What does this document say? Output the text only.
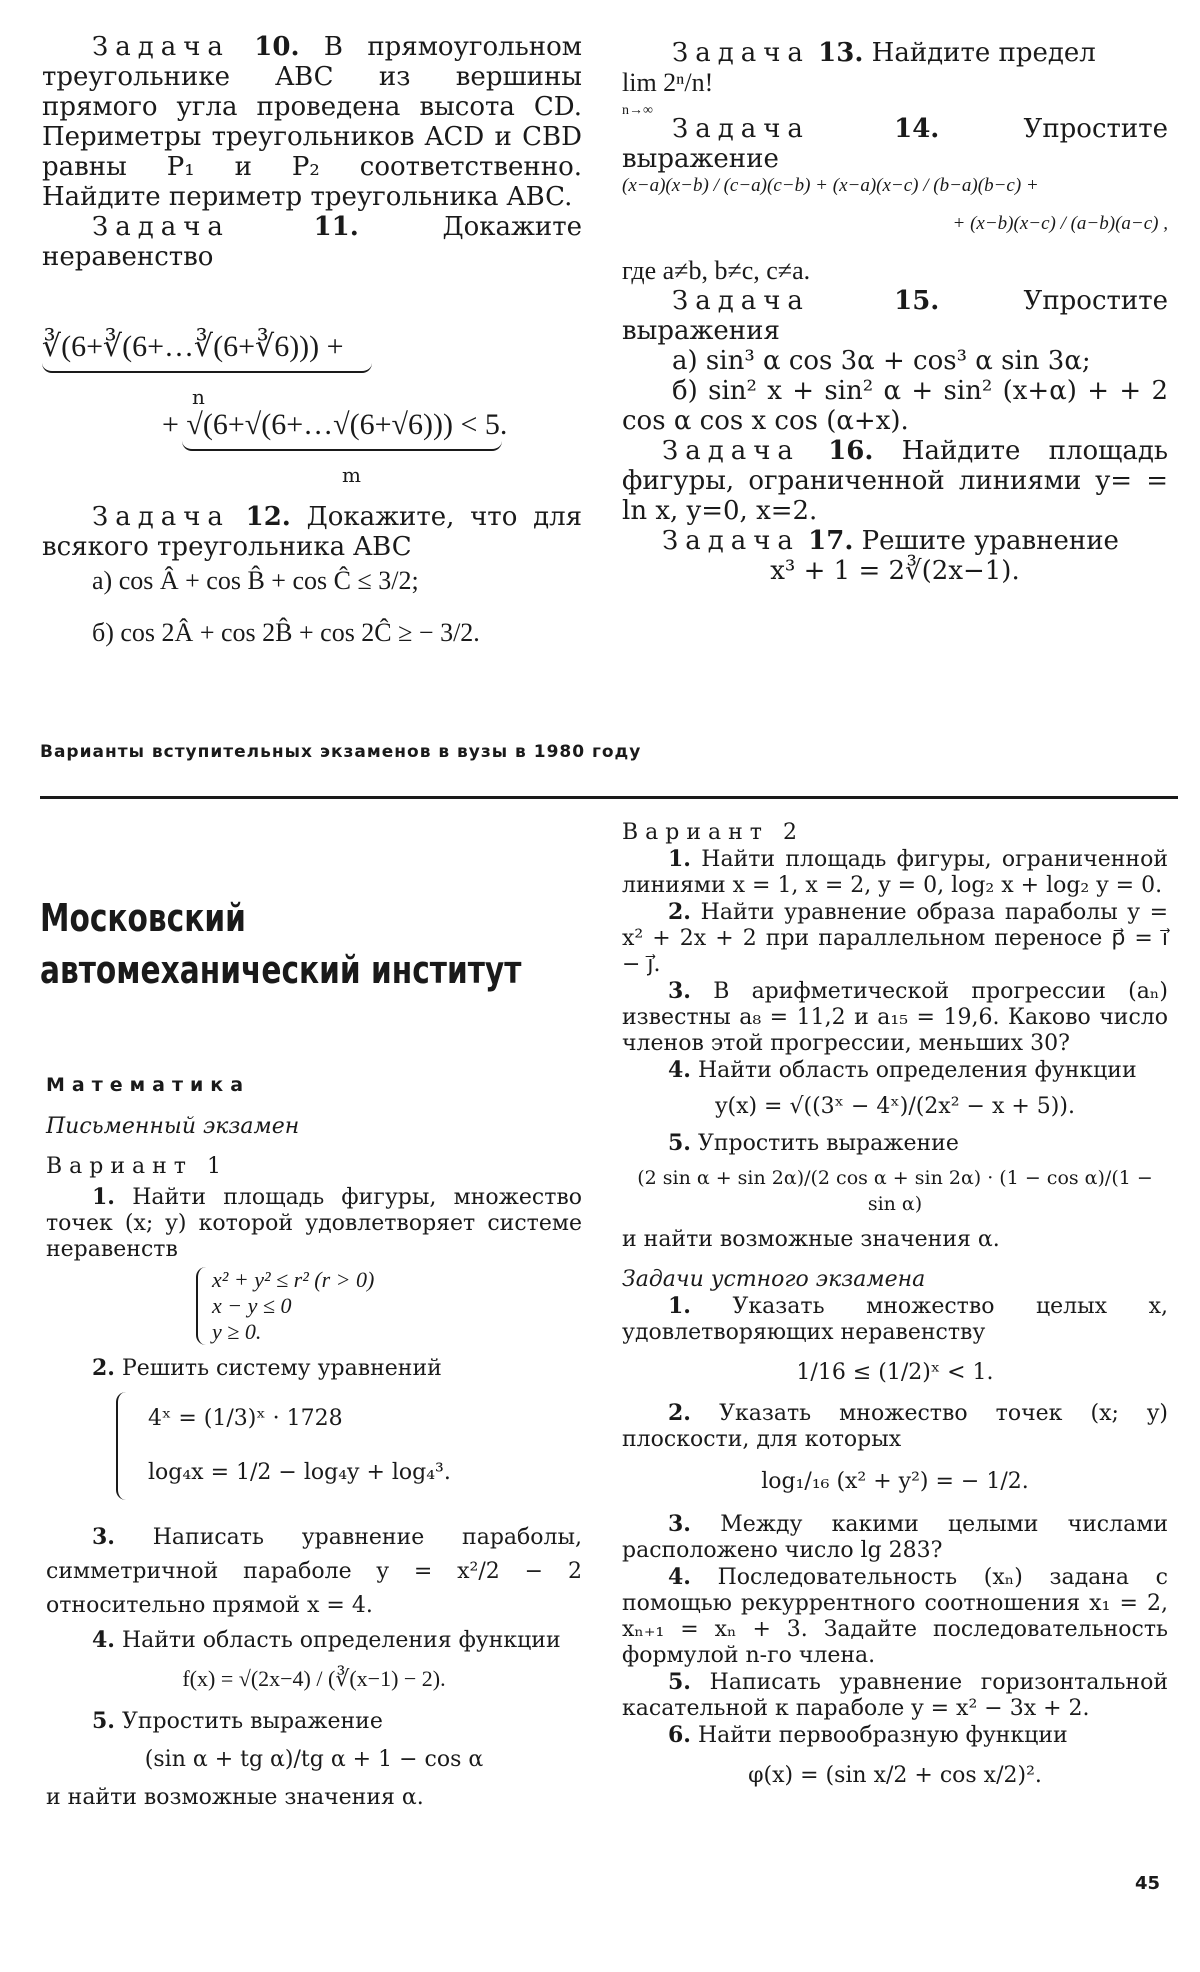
Задача 10. В прямоугольном треугольнике ABC из вершины прямого угла проведена высота CD. Периметры треугольников ACD и CBD равны P₁ и P₂ соответственно. Найдите периметр треугольника ABC.

Задача	11.	Докажите неравенство

∛(6+∛(6+…∛(6+∛6))) +
n
+ √(6+√(6+…√(6+√6))) < 5.
m

Задача 12. Докажите, что для всякого треугольника ABC

а) cos Â + cos B̂ + cos Ĉ ≤ 3/2;

б) cos 2Â + cos 2B̂ + cos 2Ĉ ≥ − 3/2.

Задача 13. Найдите предел

lim 2ⁿ/n!
n→∞

Задача	14.	Упростите выражение

(x−a)(x−b) / (c−a)(c−b) + (x−a)(x−c) / (b−a)(b−c) +
+ (x−b)(x−c) / (a−b)(a−c) ,

где a≠b, b≠c, c≠a.

Задача	15.	Упростите выражения

а) sin³ α cos 3α + cos³ α sin 3α;

б) sin² x + sin² α + sin² (x+α) + + 2 cos α cos x cos (α+x).

Задача 16. Найдите площадь фигуры, ограниченной линиями y= = ln x, y=0, x=2.

Задача 17. Решите уравнение

x³ + 1 = 2∛(2x−1).

Варианты вступительных экзаменов в вузы в 1980 году
Московский
автомеханический институт

Математика

Письменный экзамен

Вариант 1

1. Найти площадь фигуры, множество точек (x; y) которой удовлетворяет системе неравенств

x² + y² ≤ r² (r > 0)
x − y ≤ 0
y ≥ 0.

2. Решить систему уравнений

4ˣ = (1/3)ˣ · 1728
log₄x = 1/2 − log₄y + log₄³.

3. Написать уравнение параболы, симметричной параболе y = x²/2 − 2 относительно прямой x = 4.

4. Найти область определения функции

f(x) = √(2x−4) / (∛(x−1) − 2).

5. Упростить выражение

(sin α + tg α)/tg α + 1 − cos α

и найти возможные значения α.

Вариант 2

1. Найти площадь фигуры, ограниченной линиями x = 1, x = 2, y = 0, log₂ x + log₂ y = 0.

2. Найти уравнение образа параболы y = x² + 2x + 2 при параллельном переносе p⃗ = i⃗ − j⃗.

3. В арифметической прогрессии (aₙ) известны a₈ = 11,2 и a₁₅ = 19,6. Каково число членов этой прогрессии, меньших 30?

4. Найти область определения функции

y(x) = √((3ˣ − 4ˣ)/(2x² − x + 5)).

5. Упростить выражение

(2 sin α + sin 2α)/(2 cos α + sin 2α) · (1 − cos α)/(1 − sin α)

и найти возможные значения α.

Задачи устного экзамена

1. Указать множество целых x, удовлетворяющих неравенству

1/16 ≤ (1/2)ˣ < 1.

2. Указать множество точек (x; y) плоскости, для которых

log₁/₁₆ (x² + y²) = − 1/2.

3. Между какими целыми числами расположено число lg 283?

4. Последовательность (xₙ) задана с помощью рекуррентного соотношения x₁ = 2, xₙ₊₁ = xₙ + 3. Задайте последовательность формулой n-го члена.

5. Написать уравнение горизонтальной касательной к параболе y = x² − 3x + 2.

6. Найти первообразную функции

φ(x) = (sin x/2 + cos x/2)².

45
